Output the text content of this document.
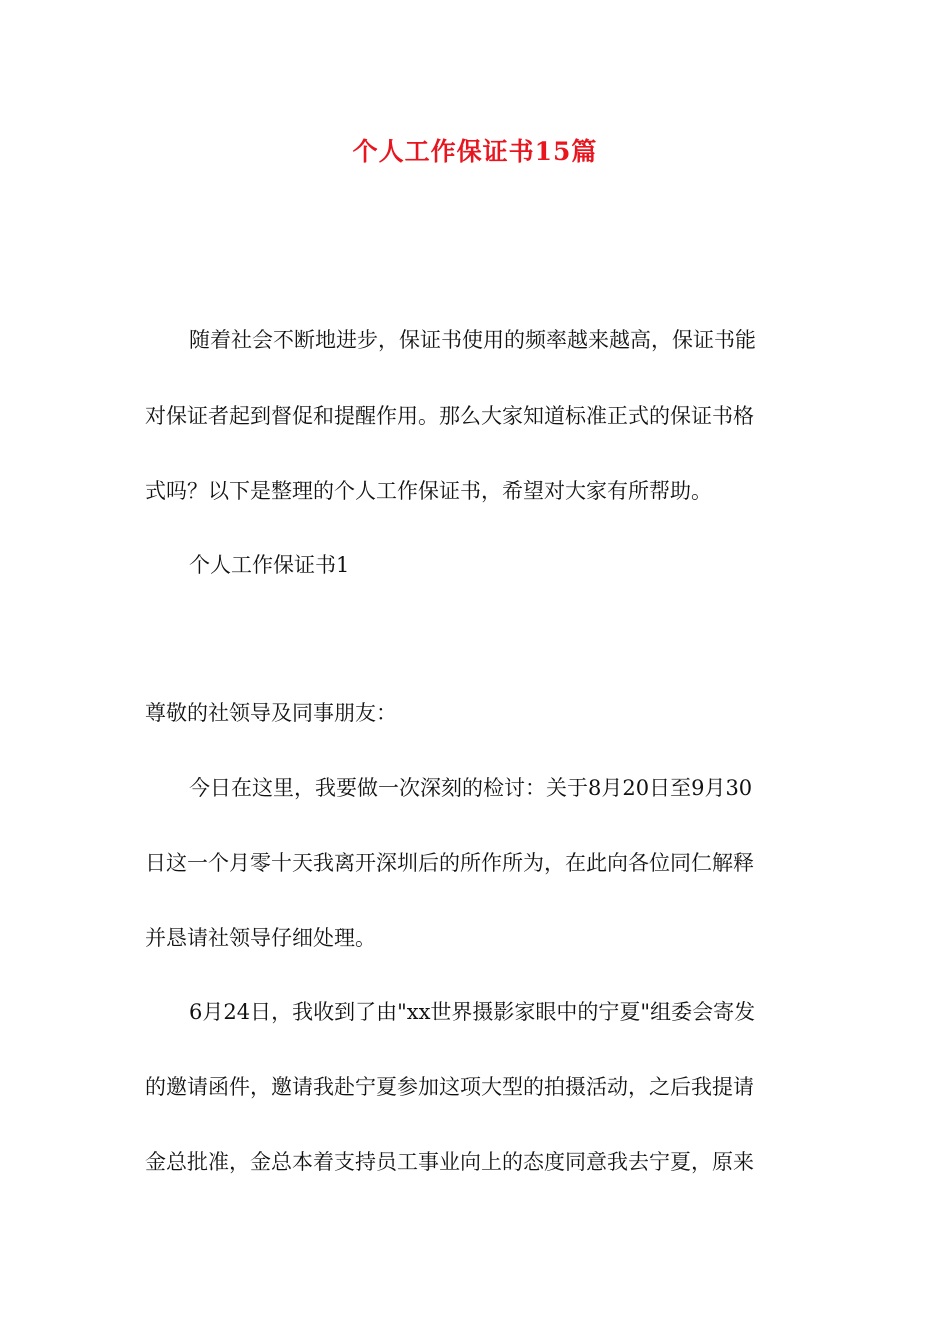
个人工作保证书15篇
随着社会不断地进步，保证书使用的频率越来越高，保证书能
对保证者起到督促和提醒作用。那么大家知道标准正式的保证书格
式吗？以下是整理的个人工作保证书，希望对大家有所帮助。
个人工作保证书1
尊敬的社领导及同事朋友：
今日在这里，我要做一次深刻的检讨：关于8月20日至9月30
日这一个月零十天我离开深圳后的所作所为，在此向各位同仁解释
并恳请社领导仔细处理。
6月24日，我收到了由"xx世界摄影家眼中的宁夏"组委会寄发
的邀请函件，邀请我赴宁夏参加这项大型的拍摄活动，之后我提请
金总批准，金总本着支持员工事业向上的态度同意我去宁夏，原来
